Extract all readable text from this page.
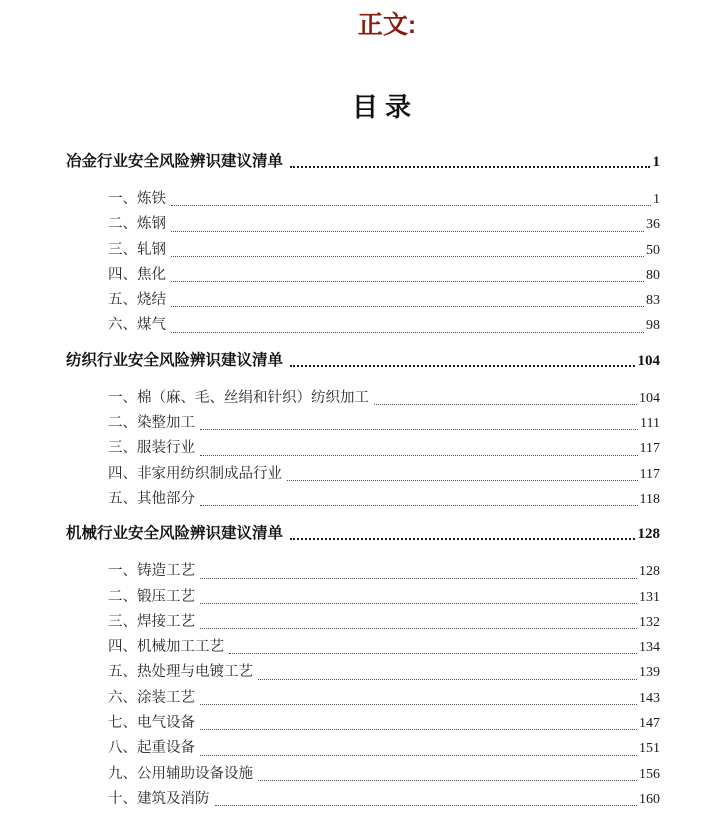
正文:
目录
冶金行业安全风险辨识建议清单	1
一、炼铁	1
二、炼钢	36
三、轧钢	50
四、焦化	80
五、烧结	83
六、煤气	98
纺织行业安全风险辨识建议清单	104
一、棉（麻、毛、丝绢和针织）纺织加工	104
二、染整加工	111
三、服装行业	117
四、非家用纺织制成品行业	117
五、其他部分	118
机械行业安全风险辨识建议清单	128
一、铸造工艺	128
二、锻压工艺	131
三、焊接工艺	132
四、机械加工工艺	134
五、热处理与电镀工艺	139
六、涂装工艺	143
七、电气设备	147
八、起重设备	151
九、公用辅助设备设施	156
十、建筑及消防	160
